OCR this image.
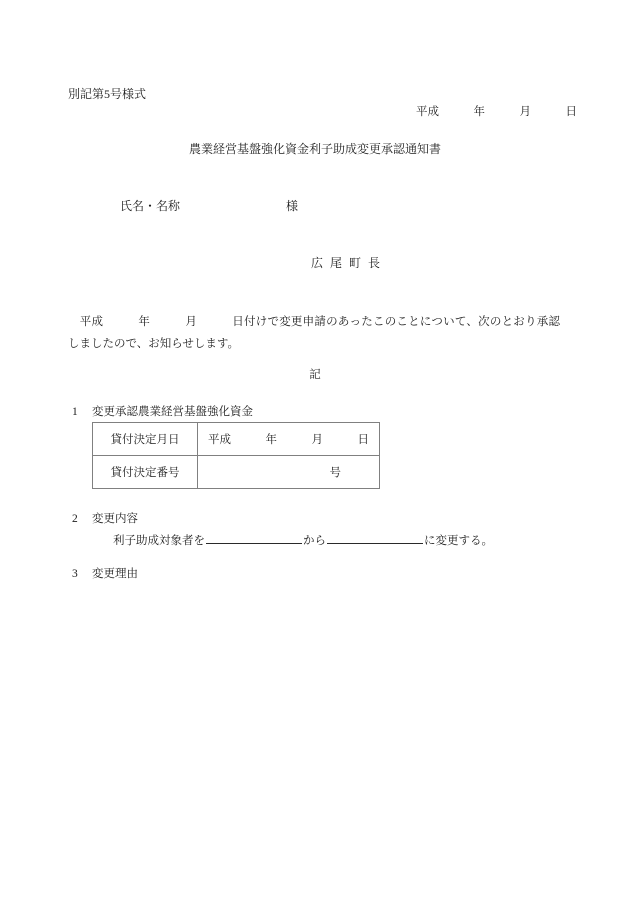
別記第5号様式
平成　　　年　　　月　　　日
農業経営基盤強化資金利子助成変更承認通知書
氏名・名称	様
広尾町長
　平成　　　年　　　月　　　日付けで変更申請のあったこのことについて、次のとおり承認しましたので、お知らせします。
記
1 変更承認農業経営基盤強化資金
貸付決定月日	平成　　　年　　　月　　　日
貸付決定番号	号
2 変更内容
利子助成対象者を	から	に変更する。
3 変更理由
